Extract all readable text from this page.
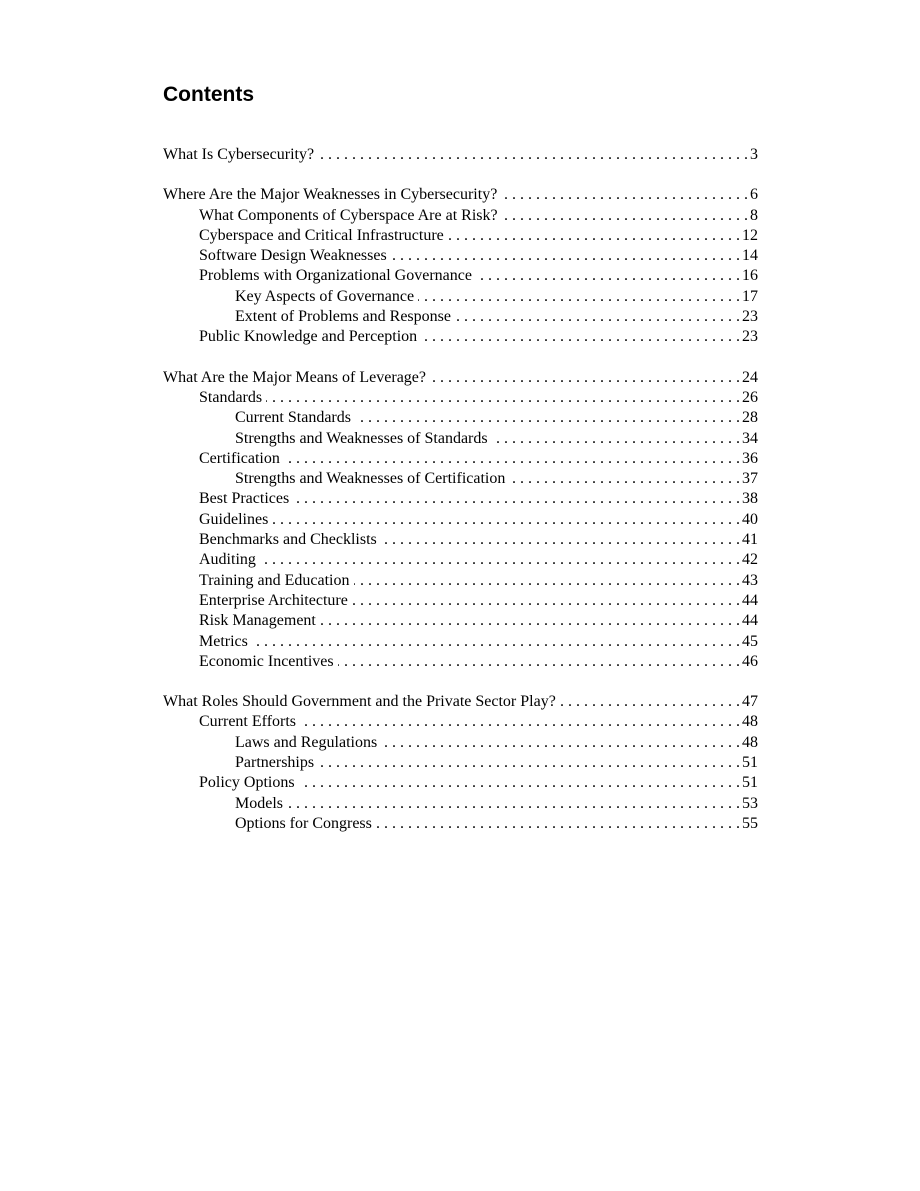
Contents
What Is Cybersecurity? . . .	3
Where Are the Major Weaknesses in Cybersecurity? . . .	6
What Components of Cyberspace Are at Risk? . . .	8
Cyberspace and Critical Infrastructure . . .	12
Software Design Weaknesses . . .	14
Problems with Organizational Governance . . .	16
Key Aspects of Governance . . .	17
Extent of Problems and Response . . .	23
Public Knowledge and Perception . . .	23
What Are the Major Means of Leverage? . . .	24
Standards . . .	26
Current Standards . . .	28
Strengths and Weaknesses of Standards . . .	34
Certification . . .	36
Strengths and Weaknesses of Certification . . .	37
Best Practices . . .	38
Guidelines . . .	40
Benchmarks and Checklists . . .	41
Auditing . . .	42
Training and Education . . .	43
Enterprise Architecture . . .	44
Risk Management . . .	44
Metrics . . .	45
Economic Incentives . . .	46
What Roles Should Government and the Private Sector Play? . . .	47
Current Efforts . . .	48
Laws and Regulations . . .	48
Partnerships . . .	51
Policy Options . . .	51
Models . . .	53
Options for Congress . . .	55
